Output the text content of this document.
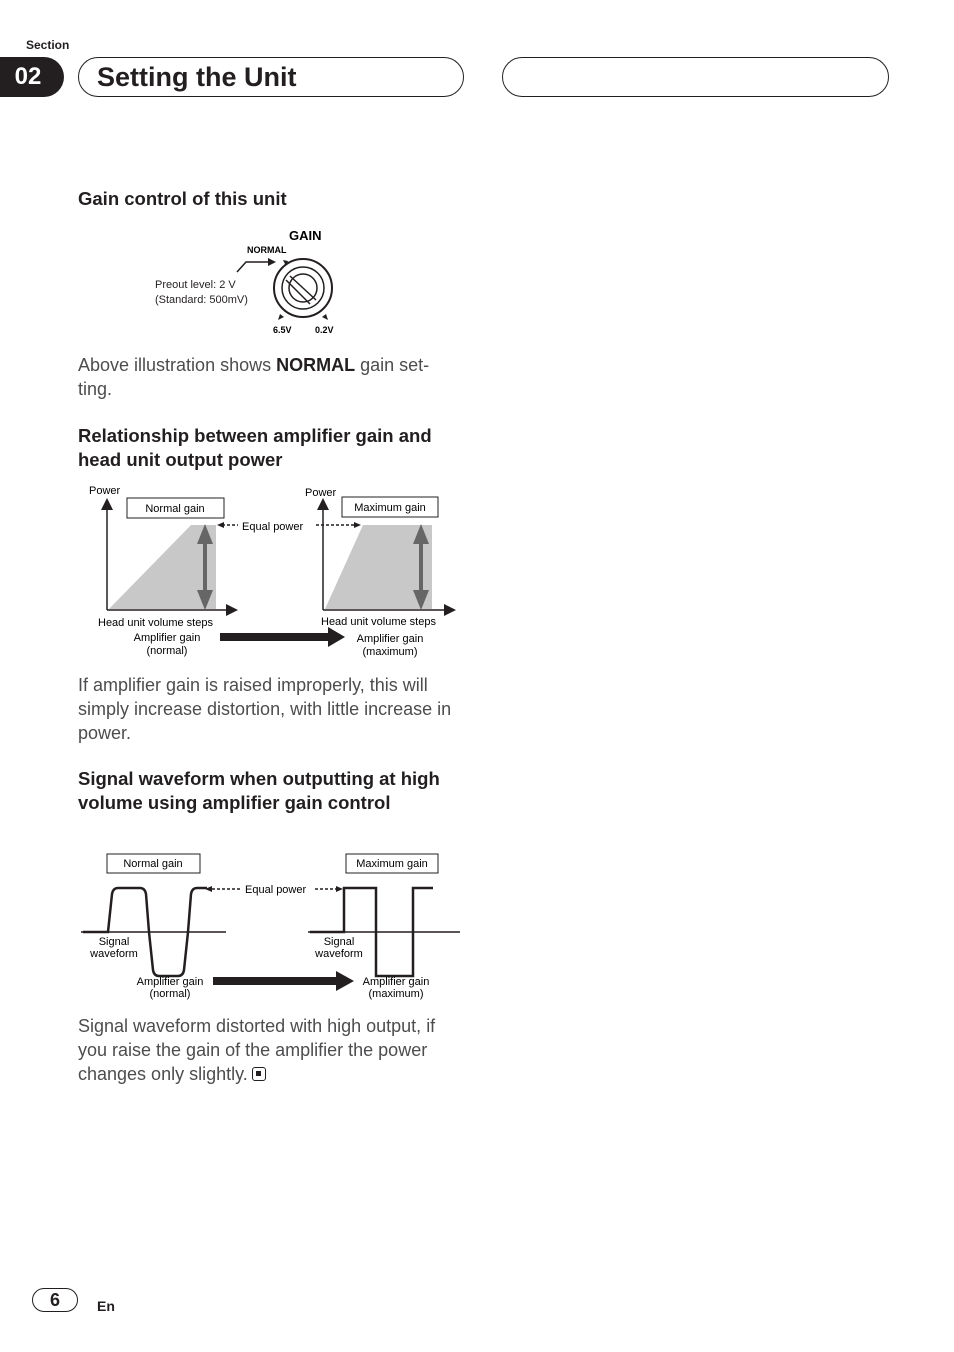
Section
02	Setting the Unit
Gain control of this unit
GAIN
NORMAL
Preout level: 2 V
(Standard: 500mV)
6.5V	0.2V

Above illustration shows NORMAL gain set-ting.

Relationship between amplifier gain and head unit output power
Power
Normal gain
Head unit volume steps
Amplifier gain
(normal)
Equal power
Power
Maximum gain
Head unit volume steps
Amplifier gain
(maximum)

If amplifier gain is raised improperly, this will simply increase distortion, with little increase in power.

Signal waveform when outputting at high volume using amplifier gain control
Normal gain	Maximum gain
Equal power
Signal
waveform
Signal
waveform
Amplifier gain
(normal)
Amplifier gain
(maximum)

Signal waveform distorted with high output, if you raise the gain of the amplifier the power changes only slightly.

6	En
